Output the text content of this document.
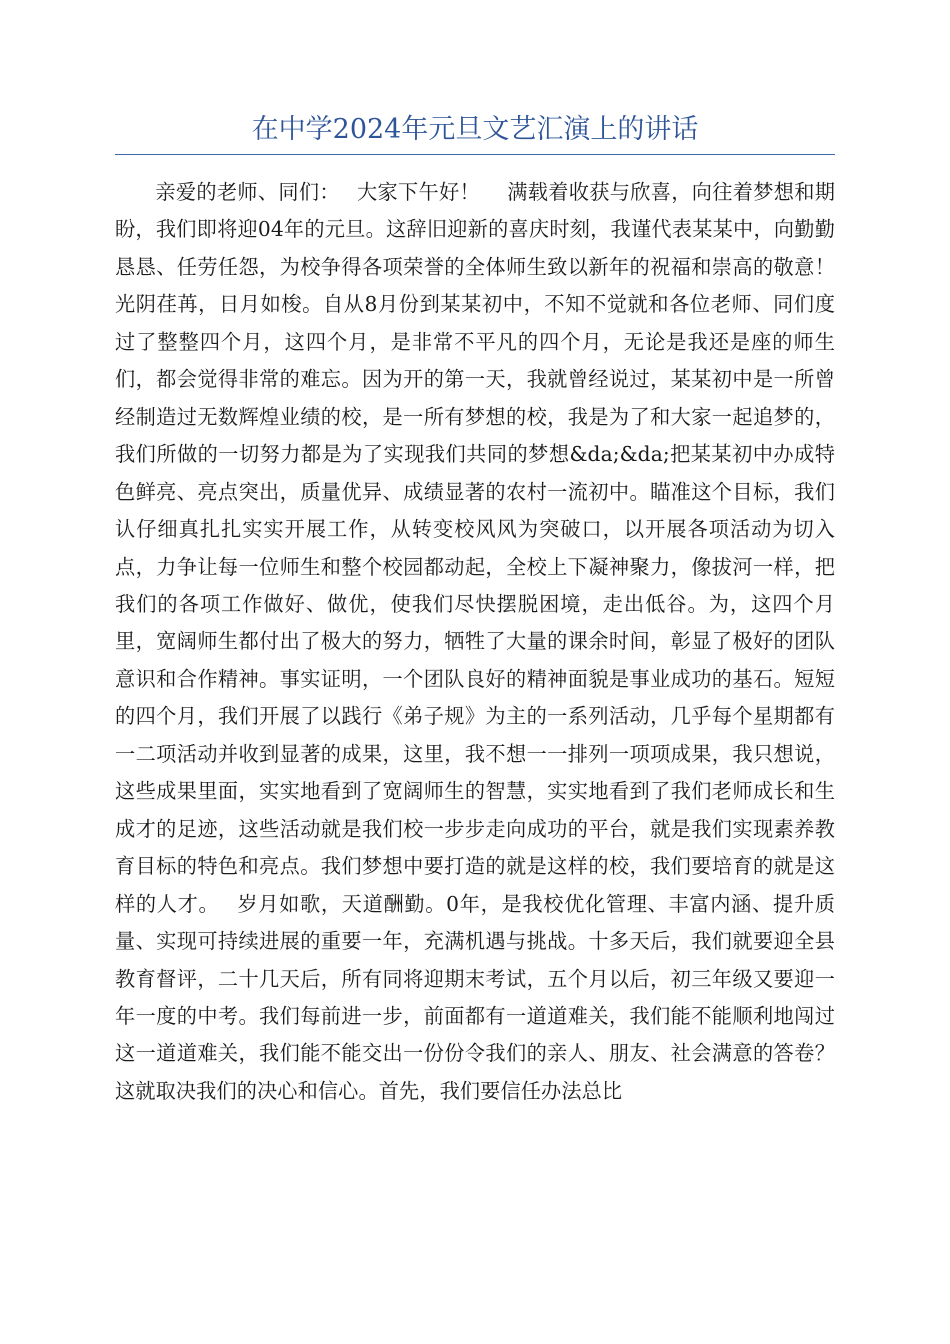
在中学2024年元旦文艺汇演上的讲话

亲爱的老师、同们：　 大家下午好！　 满载着收获与欣喜，向往着梦想和期盼，我们即将迎04年的元旦。这辞旧迎新的喜庆时刻，我谨代表某某中，向勤勤恳恳、任劳任怨，为校争得各项荣誉的全体师生致以新年的祝福和崇高的敬意！　 光阴荏苒，日月如梭。自从8月份到某某初中，不知不觉就和各位老师、同们度过了整整四个月，这四个月，是非常不平凡的四个月，无论是我还是座的师生们，都会觉得非常的难忘。因为开的第一天，我就曾经说过，某某初中是一所曾经制造过无数辉煌业绩的校，是一所有梦想的校，我是为了和大家一起追梦的，我们所做的一切努力都是为了实现我们共同的梦想&da;&da;把某某初中办成特色鲜亮、亮点突出，质量优异、成绩显著的农村一流初中。瞄准这个目标，我们认仔细真扎扎实实开展工作，从转变校风风为突破口，以开展各项活动为切入点，力争让每一位师生和整个校园都动起，全校上下凝神聚力，像拔河一样，把我们的各项工作做好、做优，使我们尽快摆脱困境，走出低谷。为，这四个月里，宽阔师生都付出了极大的努力，牺牲了大量的课余时间，彰显了极好的团队意识和合作精神。事实证明，一个团队良好的精神面貌是事业成功的基石。短短的四个月，我们开展了以践行《弟子规》为主的一系列活动，几乎每个星期都有一二项活动并收到显著的成果，这里，我不想一一排列一项项成果，我只想说，这些成果里面，实实地看到了宽阔师生的智慧，实实地看到了我们老师成长和生成才的足迹，这些活动就是我们校一步步走向成功的平台，就是我们实现素养教育目标的特色和亮点。我们梦想中要打造的就是这样的校，我们要培育的就是这样的人才。　 岁月如歌，天道酬勤。0年，是我校优化管理、丰富内涵、提升质量、实现可持续进展的重要一年，充满机遇与挑战。十多天后，我们就要迎全县教育督评，二十几天后，所有同将迎期末考试，五个月以后，初三年级又要迎一年一度的中考。我们每前进一步，前面都有一道道难关，我们能不能顺利地闯过这一道道难关，我们能不能交出一份份令我们的亲人、朋友、社会满意的答卷？这就取决我们的决心和信心。首先，我们要信任办法总比
